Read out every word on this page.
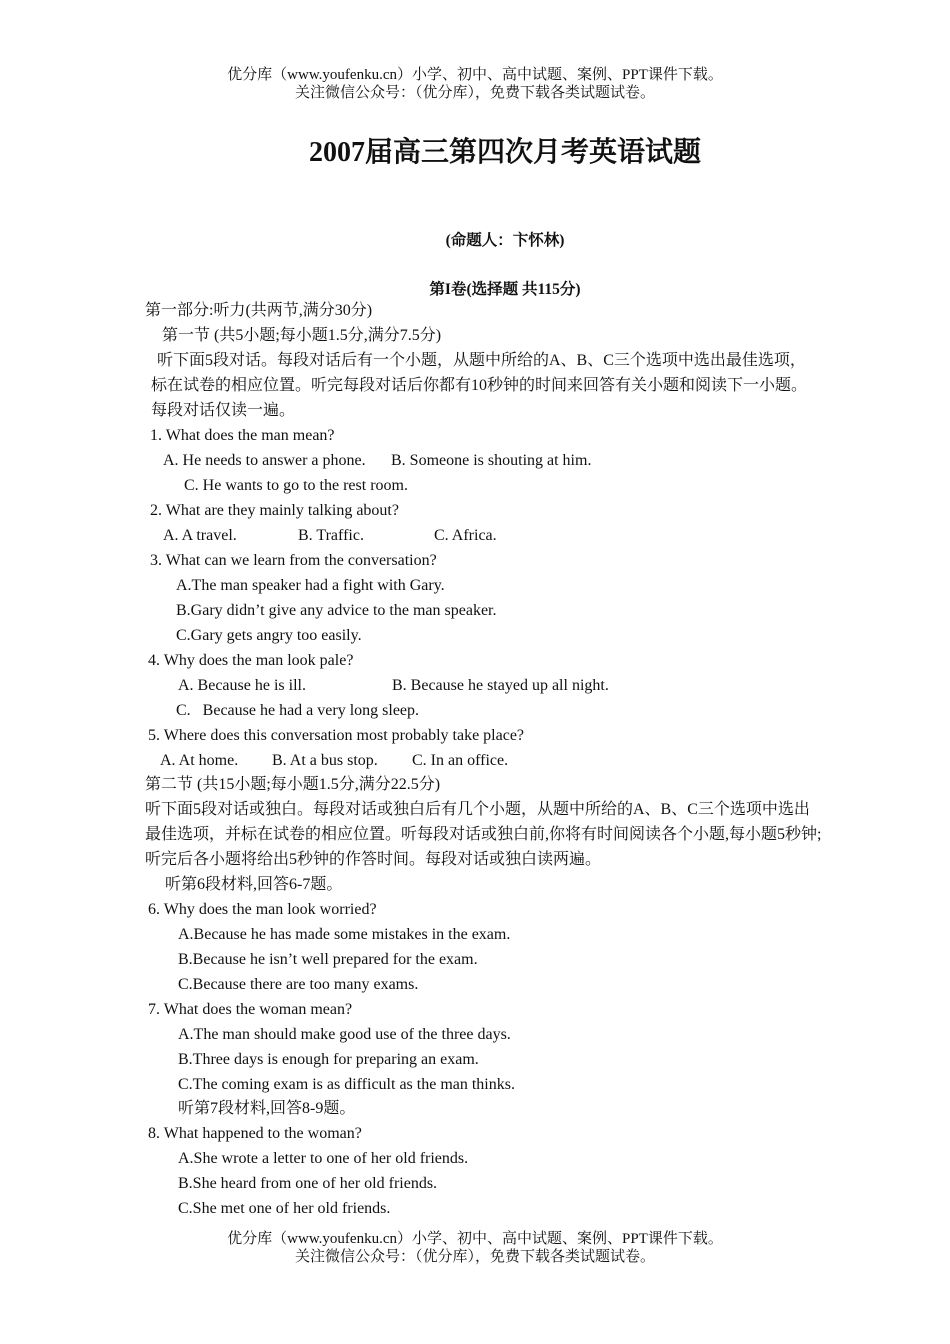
优分库（www.youfenku.cn）小学、初中、高中试题、案例、PPT课件下载。
关注微信公众号：（优分库），免费下载各类试题试卷。
2007届高三第四次月考英语试题
(命题人：卞怀林)
第I卷(选择题 共115分)
第一部分:听力(共两节,满分30分)
第一节 (共5小题;每小题1.5分,满分7.5分)
听下面5段对话。每段对话后有一个小题，从题中所给的A、B、C三个选项中选出最佳选项，
标在试卷的相应位置。听完每段对话后你都有10秒钟的时间来回答有关小题和阅读下一小题。
每段对话仅读一遍。
1. What does the man mean?
A. He needs to answer a phone. B. Someone is shouting at him.
C. He wants to go to the rest room.
2. What are they mainly talking about?
A. A travel.	B. Traffic.	C. Africa.
3. What can we learn from the conversation?
A.The man speaker had a fight with Gary.
B.Gary didn’t give any advice to the man speaker.
C.Gary gets angry too easily.
4. Why does the man look pale?
A. Because he is ill.	B. Because he stayed up all night.
C.   Because he had a very long sleep.
5. Where does this conversation most probably take place?
A. At home. B. At a bus stop. C. In an office.
第二节 (共15小题;每小题1.5分,满分22.5分)
听下面5段对话或独白。每段对话或独白后有几个小题，从题中所给的A、B、C三个选项中选出
最佳选项，并标在试卷的相应位置。听每段对话或独白前,你将有时间阅读各个小题,每小题5秒钟;
听完后各小题将给出5秒钟的作答时间。每段对话或独白读两遍。
听第6段材料,回答6-7题。
6. Why does the man look worried?
A.Because he has made some mistakes in the exam.
B.Because he isn’t well prepared for the exam.
C.Because there are too many exams.
7. What does the woman mean?
A.The man should make good use of the three days.
B.Three days is enough for preparing an exam.
C.The coming exam is as difficult as the man thinks.
听第7段材料,回答8-9题。
8. What happened to the woman?
A.She wrote a letter to one of her old friends.
B.She heard from one of her old friends.
C.She met one of her old friends.
优分库（www.youfenku.cn）小学、初中、高中试题、案例、PPT课件下载。
关注微信公众号：（优分库），免费下载各类试题试卷。
